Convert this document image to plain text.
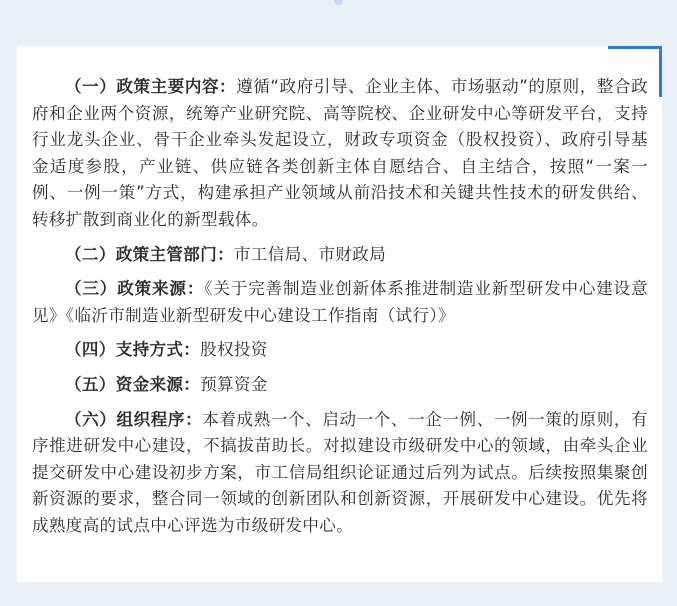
（一）政策主要内容：遵循“政府引导、企业主体、市场驱动”的原则，整合政府和企业两个资源，统筹产业研究院、高等院校、企业研发中心等研发平台，支持行业龙头企业、骨干企业牵头发起设立，财政专项资金（股权投资）、政府引导基金适度参股，产业链、供应链各类创新主体自愿结合、自主结合，按照“一案一例、一例一策”方式，构建承担产业领域从前沿技术和关键共性技术的研发供给、转移扩散到商业化的新型载体。

（二）政策主管部门：市工信局、市财政局

（三）政策来源：《关于完善制造业创新体系推进制造业新型研发中心建设意见》《临沂市制造业新型研发中心建设工作指南（试行）》

（四）支持方式：股权投资

（五）资金来源：预算资金

（六）组织程序：本着成熟一个、启动一个、一企一例、一例一策的原则，有序推进研发中心建设，不搞拔苗助长。对拟建设市级研发中心的领域，由牵头企业提交研发中心建设初步方案，市工信局组织论证通过后列为试点。后续按照集聚创新资源的要求，整合同一领域的创新团队和创新资源，开展研发中心建设。优先将成熟度高的试点中心评选为市级研发中心。
